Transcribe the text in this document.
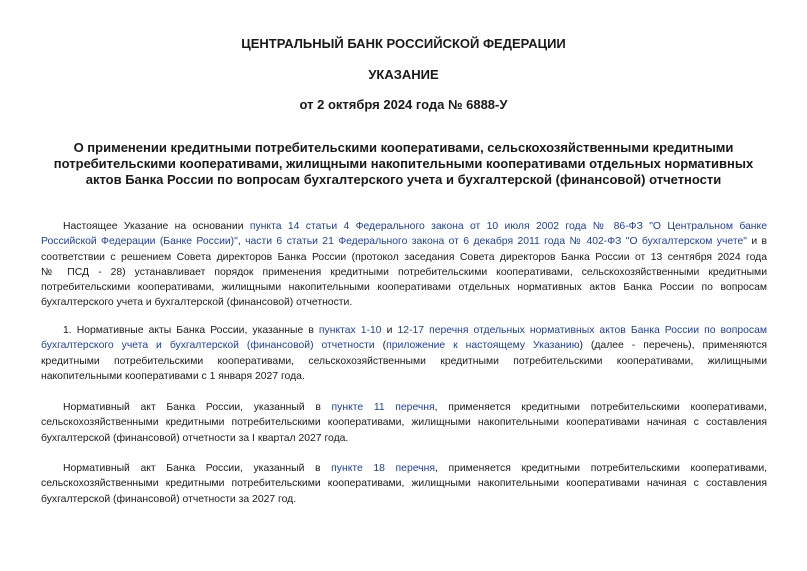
ЦЕНТРАЛЬНЫЙ БАНК РОССИЙСКОЙ ФЕДЕРАЦИИ
УКАЗАНИЕ
от 2 октября 2024 года № 6888-У
О применении кредитными потребительскими кооперативами, сельскохозяйственными кредитными
потребительскими кооперативами, жилищными накопительными кооперативами отдельных нормативных
актов Банка России по вопросам бухгалтерского учета и бухгалтерской (финансовой) отчетности
Настоящее Указание на основании пункта 14 статьи 4 Федерального закона от 10 июля 2002 года № 86-ФЗ "О Центральном банке
Российской Федерации (Банке России)", части 6 статьи 21 Федерального закона от 6 декабря 2011 года № 402-ФЗ "О бухгалтерском учете" и в
соответствии с решением Совета директоров Банка России (протокол заседания Совета директоров Банка России от 13 сентября 2024 года
№ ПСД - 28) устанавливает порядок применения кредитными потребительскими кооперативами, сельскохозяйственными кредитными
потребительскими кооперативами, жилищными накопительными кооперативами отдельных нормативных актов Банка России по вопросам
бухгалтерского учета и бухгалтерской (финансовой) отчетности.
1. Нормативные акты Банка России, указанные в пунктах 1-10 и 12-17 перечня отдельных нормативных актов Банка России по вопросам
бухгалтерского учета и бухгалтерской (финансовой) отчетности (приложение к настоящему Указанию) (далее - перечень), применяются
кредитными потребительскими кооперативами, сельскохозяйственными кредитными потребительскими кооперативами, жилищными
накопительными кооперативами с 1 января 2027 года.
Нормативный акт Банка России, указанный в пункте 11 перечня, применяется кредитными потребительскими кооперативами,
сельскохозяйственными кредитными потребительскими кооперативами, жилищными накопительными кооперативами начиная с составления
бухгалтерской (финансовой) отчетности за I квартал 2027 года.
Нормативный акт Банка России, указанный в пункте 18 перечня, применяется кредитными потребительскими кооперативами,
сельскохозяйственными кредитными потребительскими кооперативами, жилищными накопительными кооперативами начиная с составления
бухгалтерской (финансовой) отчетности за 2027 год.
